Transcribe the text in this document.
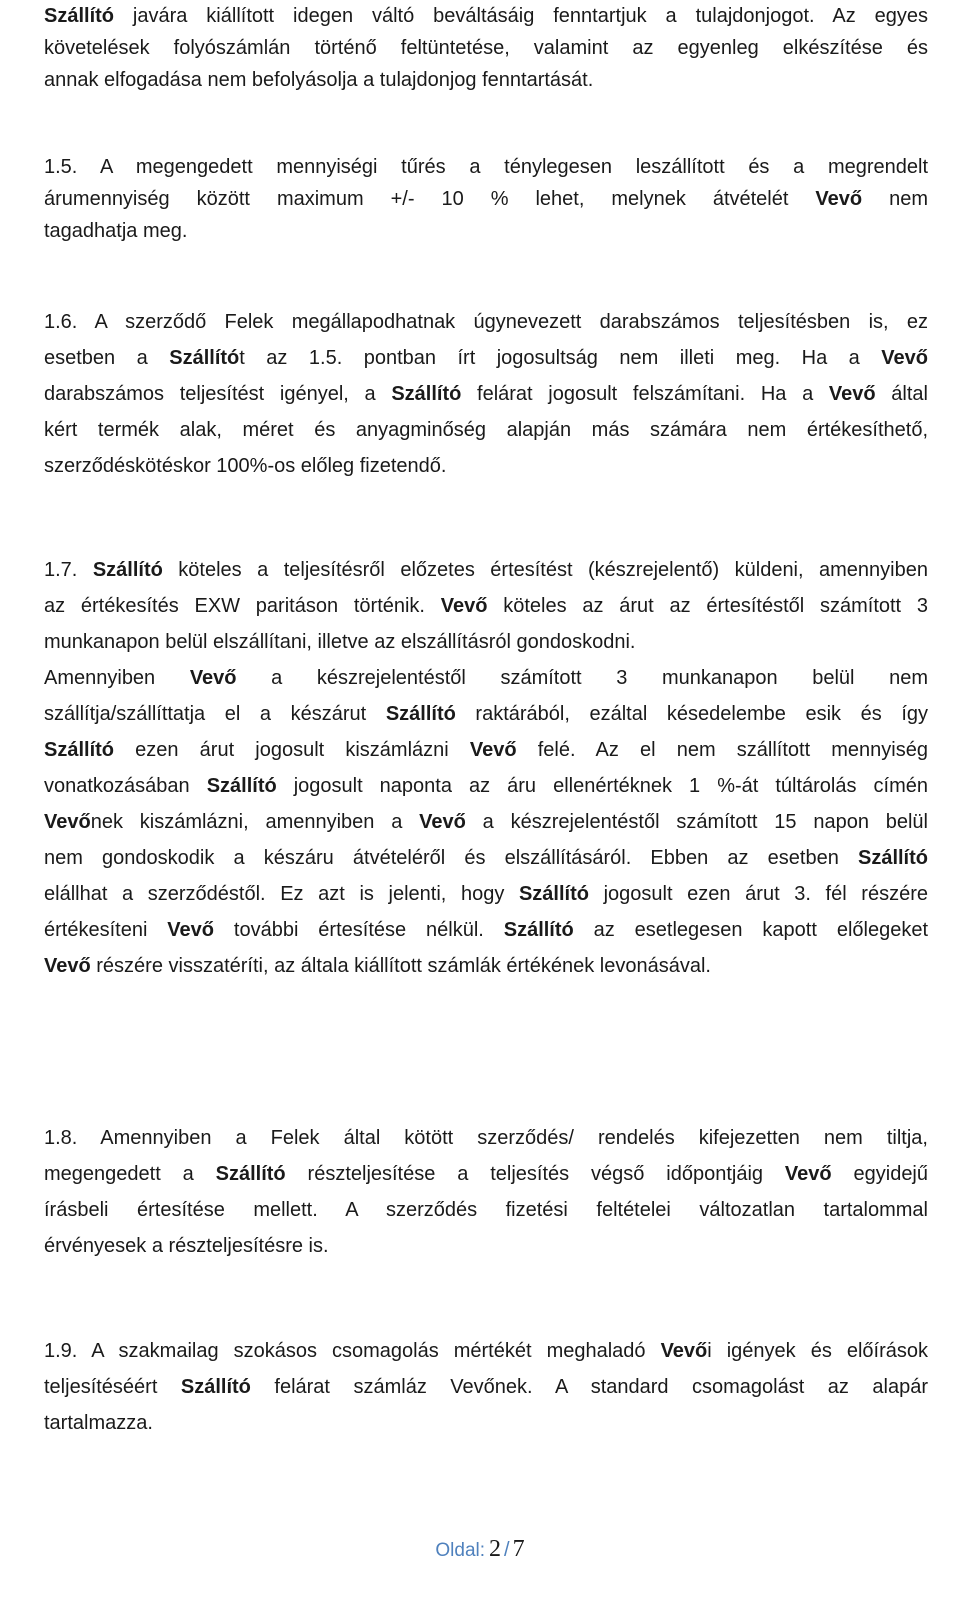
Szállító javára kiállított idegen váltó beváltásáig fenntartjuk a tulajdonjogot. Az egyes
követelések folyószámlán történő feltüntetése, valamint az egyenleg elkészítése és
annak elfogadása nem befolyásolja a tulajdonjog fenntartását.
1.5. A megengedett mennyiségi tűrés a ténylegesen leszállított és a megrendelt
árumennyiség között maximum +/- 10 % lehet, melynek átvételét Vevő nem
tagadhatja meg.
1.6. A szerződő Felek megállapodhatnak úgynevezett darabszámos teljesítésben is, ez
esetben a Szállítót az 1.5. pontban írt jogosultság nem illeti meg. Ha a Vevő
darabszámos teljesítést igényel, a Szállító felárat jogosult felszámítani. Ha a Vevő által
kért termék alak, méret és anyagminőség alapján más számára nem értékesíthető,
szerződéskötéskor 100%-os előleg fizetendő.
1.7. Szállító köteles a teljesítésről előzetes értesítést (készrejelentő) küldeni, amennyiben
az értékesítés EXW paritáson történik. Vevő köteles az árut az értesítéstől számított 3
munkanapon belül elszállítani, illetve az elszállításról gondoskodni.
Amennyiben Vevő a készrejelentéstől számított 3 munkanapon belül nem
szállítja/szállíttatja el a készárut Szállító raktárából, ezáltal késedelembe esik és így
Szállító ezen árut jogosult kiszámlázni Vevő felé. Az el nem szállított mennyiség
vonatkozásában Szállító jogosult naponta az áru ellenértéknek 1 %-át túltárolás címén
Vevőnek kiszámlázni, amennyiben a Vevő a készrejelentéstől számított 15 napon belül
nem gondoskodik a készáru átvételéről és elszállításáról. Ebben az esetben Szállító
elállhat a szerződéstől. Ez azt is jelenti, hogy Szállító jogosult ezen árut 3. fél részére
értékesíteni Vevő további értesítése nélkül. Szállító az esetlegesen kapott előlegeket
Vevő részére visszatéríti, az általa kiállított számlák értékének levonásával.
1.8. Amennyiben a Felek által kötött szerződés/ rendelés kifejezetten nem tiltja,
megengedett a Szállító részteljesítése a teljesítés végső időpontjáig Vevő egyidejű
írásbeli értesítése mellett. A szerződés fizetési feltételei változatlan tartalommal
érvényesek a részteljesítésre is.
1.9. A szakmailag szokásos csomagolás mértékét meghaladó Vevői igények és előírások
teljesítéséért Szállító felárat számláz Vevőnek. A standard csomagolást az alapár
tartalmazza.
Oldal: 2 / 7
